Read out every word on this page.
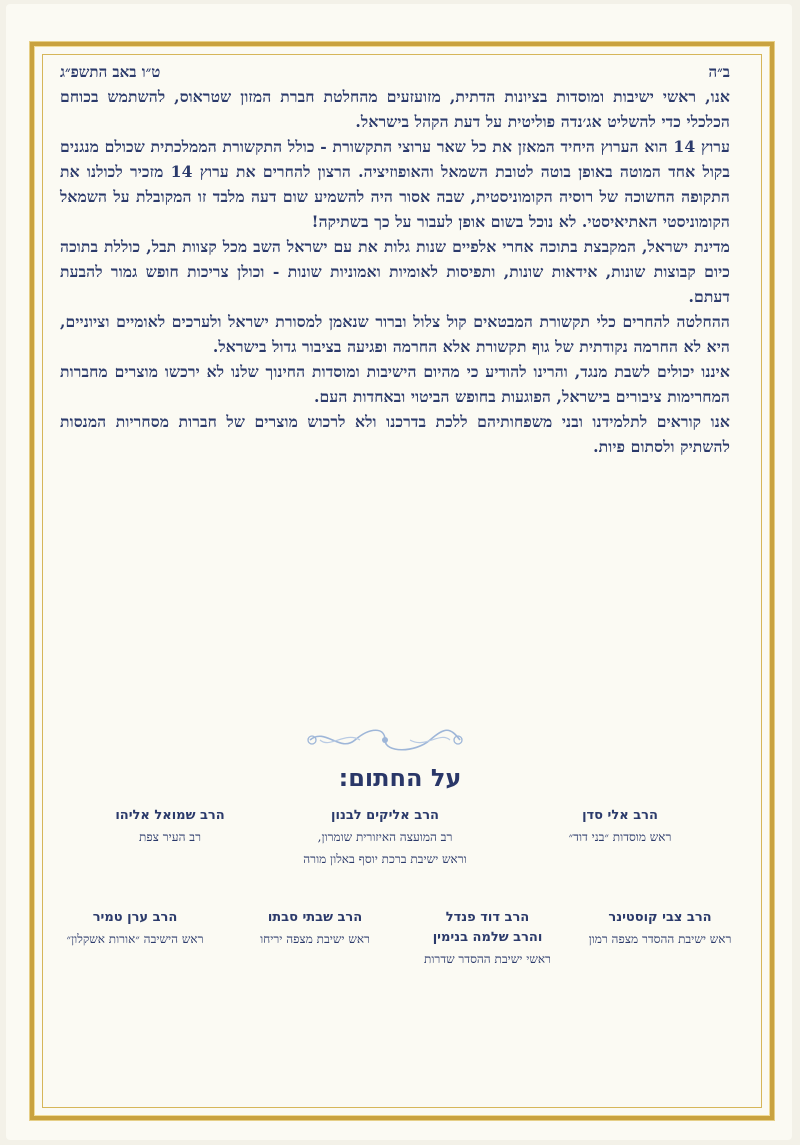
ב״ה
ט״ו באב התשפ״ג

אנו, ראשי ישיבות ומוסדות בציונות הדתית, מזועזעים מהחלטת חברת המזון שטראוס, להשתמש בכוחם הכלכלי כדי להשליט אג׳נדה פוליטית על דעת הקהל בישראל.

ערוץ 14 הוא הערוץ היחיד המאזן את כל שאר ערוצי התקשורת - כולל התקשורת הממלכתית שכולם מנגנים בקול אחד המוטה באופן בוטה לטובת השמאל והאופוזיציה. הרצון להחרים את ערוץ 14 מזכיר לכולנו את התקופה החשוכה של רוסיה הקומוניסטית, שבה אסור היה להשמיע שום דעה מלבד זו המקובלת על השמאל הקומוניסטי האתיאיסטי. לא נוכל בשום אופן לעבור על כך בשתיקה!

מדינת ישראל, המקבצת בתוכה אחרי אלפיים שנות גלות את עם ישראל השב מכל קצוות תבל, כוללת בתוכה כיום קבוצות שונות, אידאות שונות, ותפיסות לאומיות ואמוניות שונות - וכולן צריכות חופש גמור להבעת דעתם.

ההחלטה להחרים כלי תקשורת המבטאים קול צלול וברור שנאמן למסורת ישראל ולערכים לאומיים וציוניים, היא לא החרמה נקודתית של גוף תקשורת אלא החרמה ופגיעה בציבור גדול בישראל.

איננו יכולים לשבת מנגד, והרינו להודיע כי מהיום הישיבות ומוסדות החינוך שלנו לא ירכשו מוצרים מחברות המחרימות ציבורים בישראל, הפוגעות בחופש הביטוי ובאחדות העם.

אנו קוראים לתלמידנו ובני משפחותיהם ללכת בדרכנו ולא לרכוש מוצרים של חברות מסחריות המנסות להשתיק ולסתום פיות.

על החתום:
הרב אלי סדן
ראש מוסדות ״בני דוד״
הרב אליקים לבנון
רב המועצה האיזורית שומרון,
וראש ישיבת ברכת יוסף באלון מורה
הרב שמואל אליהו
רב העיר צפת
הרב צבי קוסטינר
ראש ישיבת ההסדר מצפה רמון
הרב דוד פנדל
והרב שלמה בנימין
ראשי ישיבת ההסדר שדרות
הרב שבתי סבתו
ראש ישיבת מצפה יריחו
הרב ערן טמיר
ראש הישיבה ״אורות אשקלון״
